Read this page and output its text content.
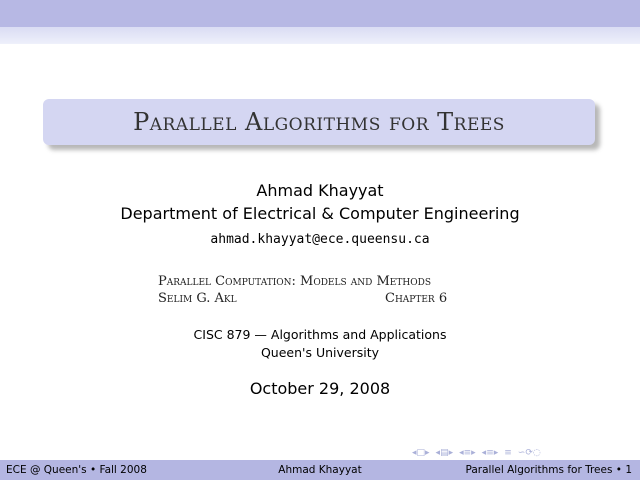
Parallel Algorithms for Trees
Ahmad Khayyat
Department of Electrical & Computer Engineering
ahmad.khayyat@ece.queensu.ca
Parallel Computation: Models and Methods
Selim G. Akl	Chapter 6
CISC 879 — Algorithms and Applications
Queen's University
October 29, 2008
◂□▸ ◂▤▸ ◂≡▸ ◂≡▸ ≡ ∽⟳◌
ECE @ Queen's • Fall 2008	Ahmad Khayyat	Parallel Algorithms for Trees • 1
